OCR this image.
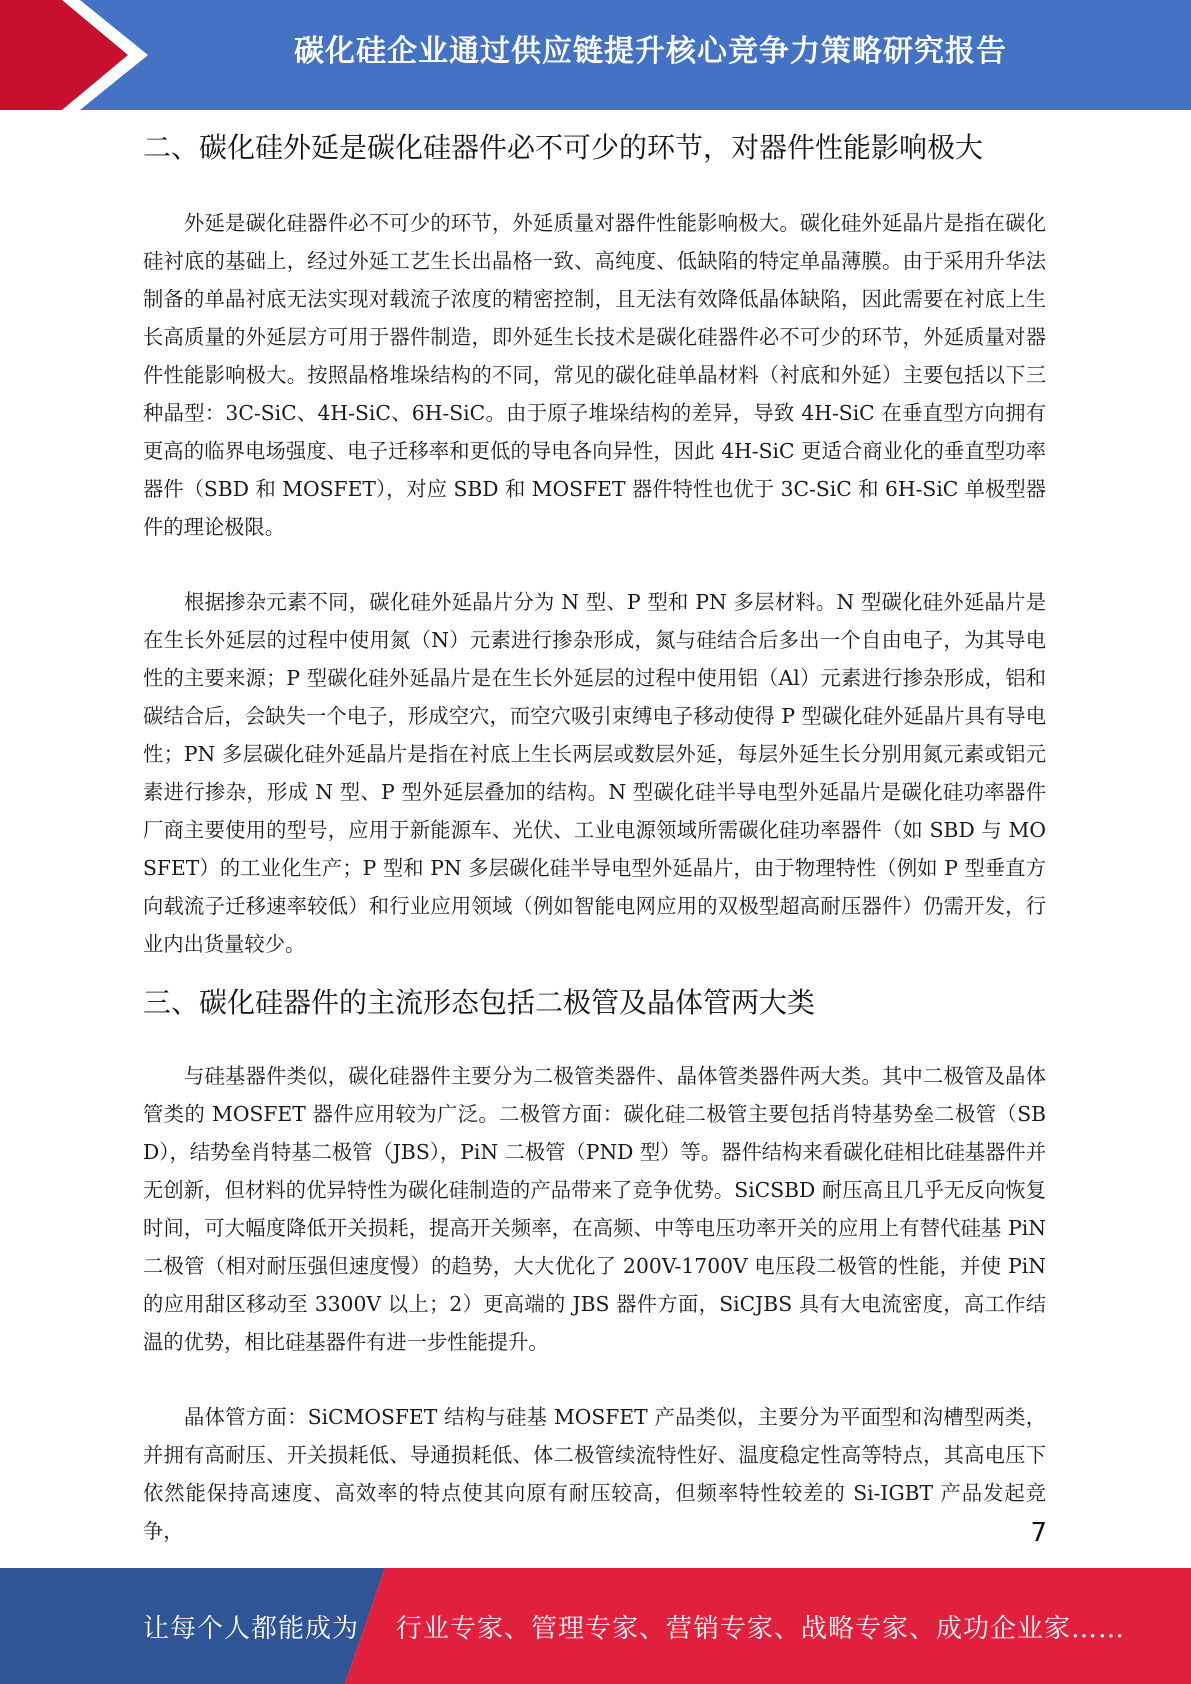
碳化硅企业通过供应链提升核心竞争力策略研究报告
二、碳化硅外延是碳化硅器件必不可少的环节，对器件性能影响极大

外延是碳化硅器件必不可少的环节，外延质量对器件性能影响极大。碳化硅外延晶片是指在碳化硅衬底的基础上，经过外延工艺生长出晶格一致、高纯度、低缺陷的特定单晶薄膜。由于采用升华法制备的单晶衬底无法实现对载流子浓度的精密控制，且无法有效降低晶体缺陷，因此需要在衬底上生长高质量的外延层方可用于器件制造，即外延生长技术是碳化硅器件必不可少的环节，外延质量对器件性能影响极大。按照晶格堆垛结构的不同，常见的碳化硅单晶材料（衬底和外延）主要包括以下三种晶型：3C-SiC、4H-SiC、6H-SiC。由于原子堆垛结构的差异，导致 4H-SiC 在垂直型方向拥有更高的临界电场强度、电子迁移率和更低的导电各向异性，因此 4H-SiC 更适合商业化的垂直型功率器件（SBD 和 MOSFET），对应 SBD 和 MOSFET 器件特性也优于 3C-SiC 和 6H-SiC 单极型器件的理论极限。

根据掺杂元素不同，碳化硅外延晶片分为 N 型、P 型和 PN 多层材料。N 型碳化硅外延晶片是在生长外延层的过程中使用氮（N）元素进行掺杂形成，氮与硅结合后多出一个自由电子，为其导电性的主要来源；P 型碳化硅外延晶片是在生长外延层的过程中使用铝（Al）元素进行掺杂形成，铝和碳结合后，会缺失一个电子，形成空穴，而空穴吸引束缚电子移动使得 P 型碳化硅外延晶片具有导电性；PN 多层碳化硅外延晶片是指在衬底上生长两层或数层外延，每层外延生长分别用氮元素或铝元素进行掺杂，形成 N 型、P 型外延层叠加的结构。N 型碳化硅半导电型外延晶片是碳化硅功率器件厂商主要使用的型号，应用于新能源车、光伏、工业电源领域所需碳化硅功率器件（如 SBD 与 MOSFET）的工业化生产；P 型和 PN 多层碳化硅半导电型外延晶片，由于物理特性（例如 P 型垂直方向载流子迁移速率较低）和行业应用领域（例如智能电网应用的双极型超高耐压器件）仍需开发，行业内出货量较少。

三、碳化硅器件的主流形态包括二极管及晶体管两大类

与硅基器件类似，碳化硅器件主要分为二极管类器件、晶体管类器件两大类。其中二极管及晶体管类的 MOSFET 器件应用较为广泛。二极管方面：碳化硅二极管主要包括肖特基势垒二极管（SBD），结势垒肖特基二极管（JBS），PiN 二极管（PND 型）等。器件结构来看碳化硅相比硅基器件并无创新，但材料的优异特性为碳化硅制造的产品带来了竞争优势。SiCSBD 耐压高且几乎无反向恢复时间，可大幅度降低开关损耗，提高开关频率，在高频、中等电压功率开关的应用上有替代硅基 PiN 二极管（相对耐压强但速度慢）的趋势，大大优化了 200V-1700V 电压段二极管的性能，并使 PiN 的应用甜区移动至 3300V 以上；2）更高端的 JBS 器件方面，SiCJBS 具有大电流密度，高工作结温的优势，相比硅基器件有进一步性能提升。

晶体管方面：SiCMOSFET 结构与硅基 MOSFET 产品类似，主要分为平面型和沟槽型两类，并拥有高耐压、开关损耗低、导通损耗低、体二极管续流特性好、温度稳定性高等特点，其高电压下依然能保持高速度、高效率的特点使其向原有耐压较高，但频率特性较差的 Si-IGBT 产品发起竞争，	7
让每个人都能成为 行业专家、管理专家、营销专家、战略专家、成功企业家……
